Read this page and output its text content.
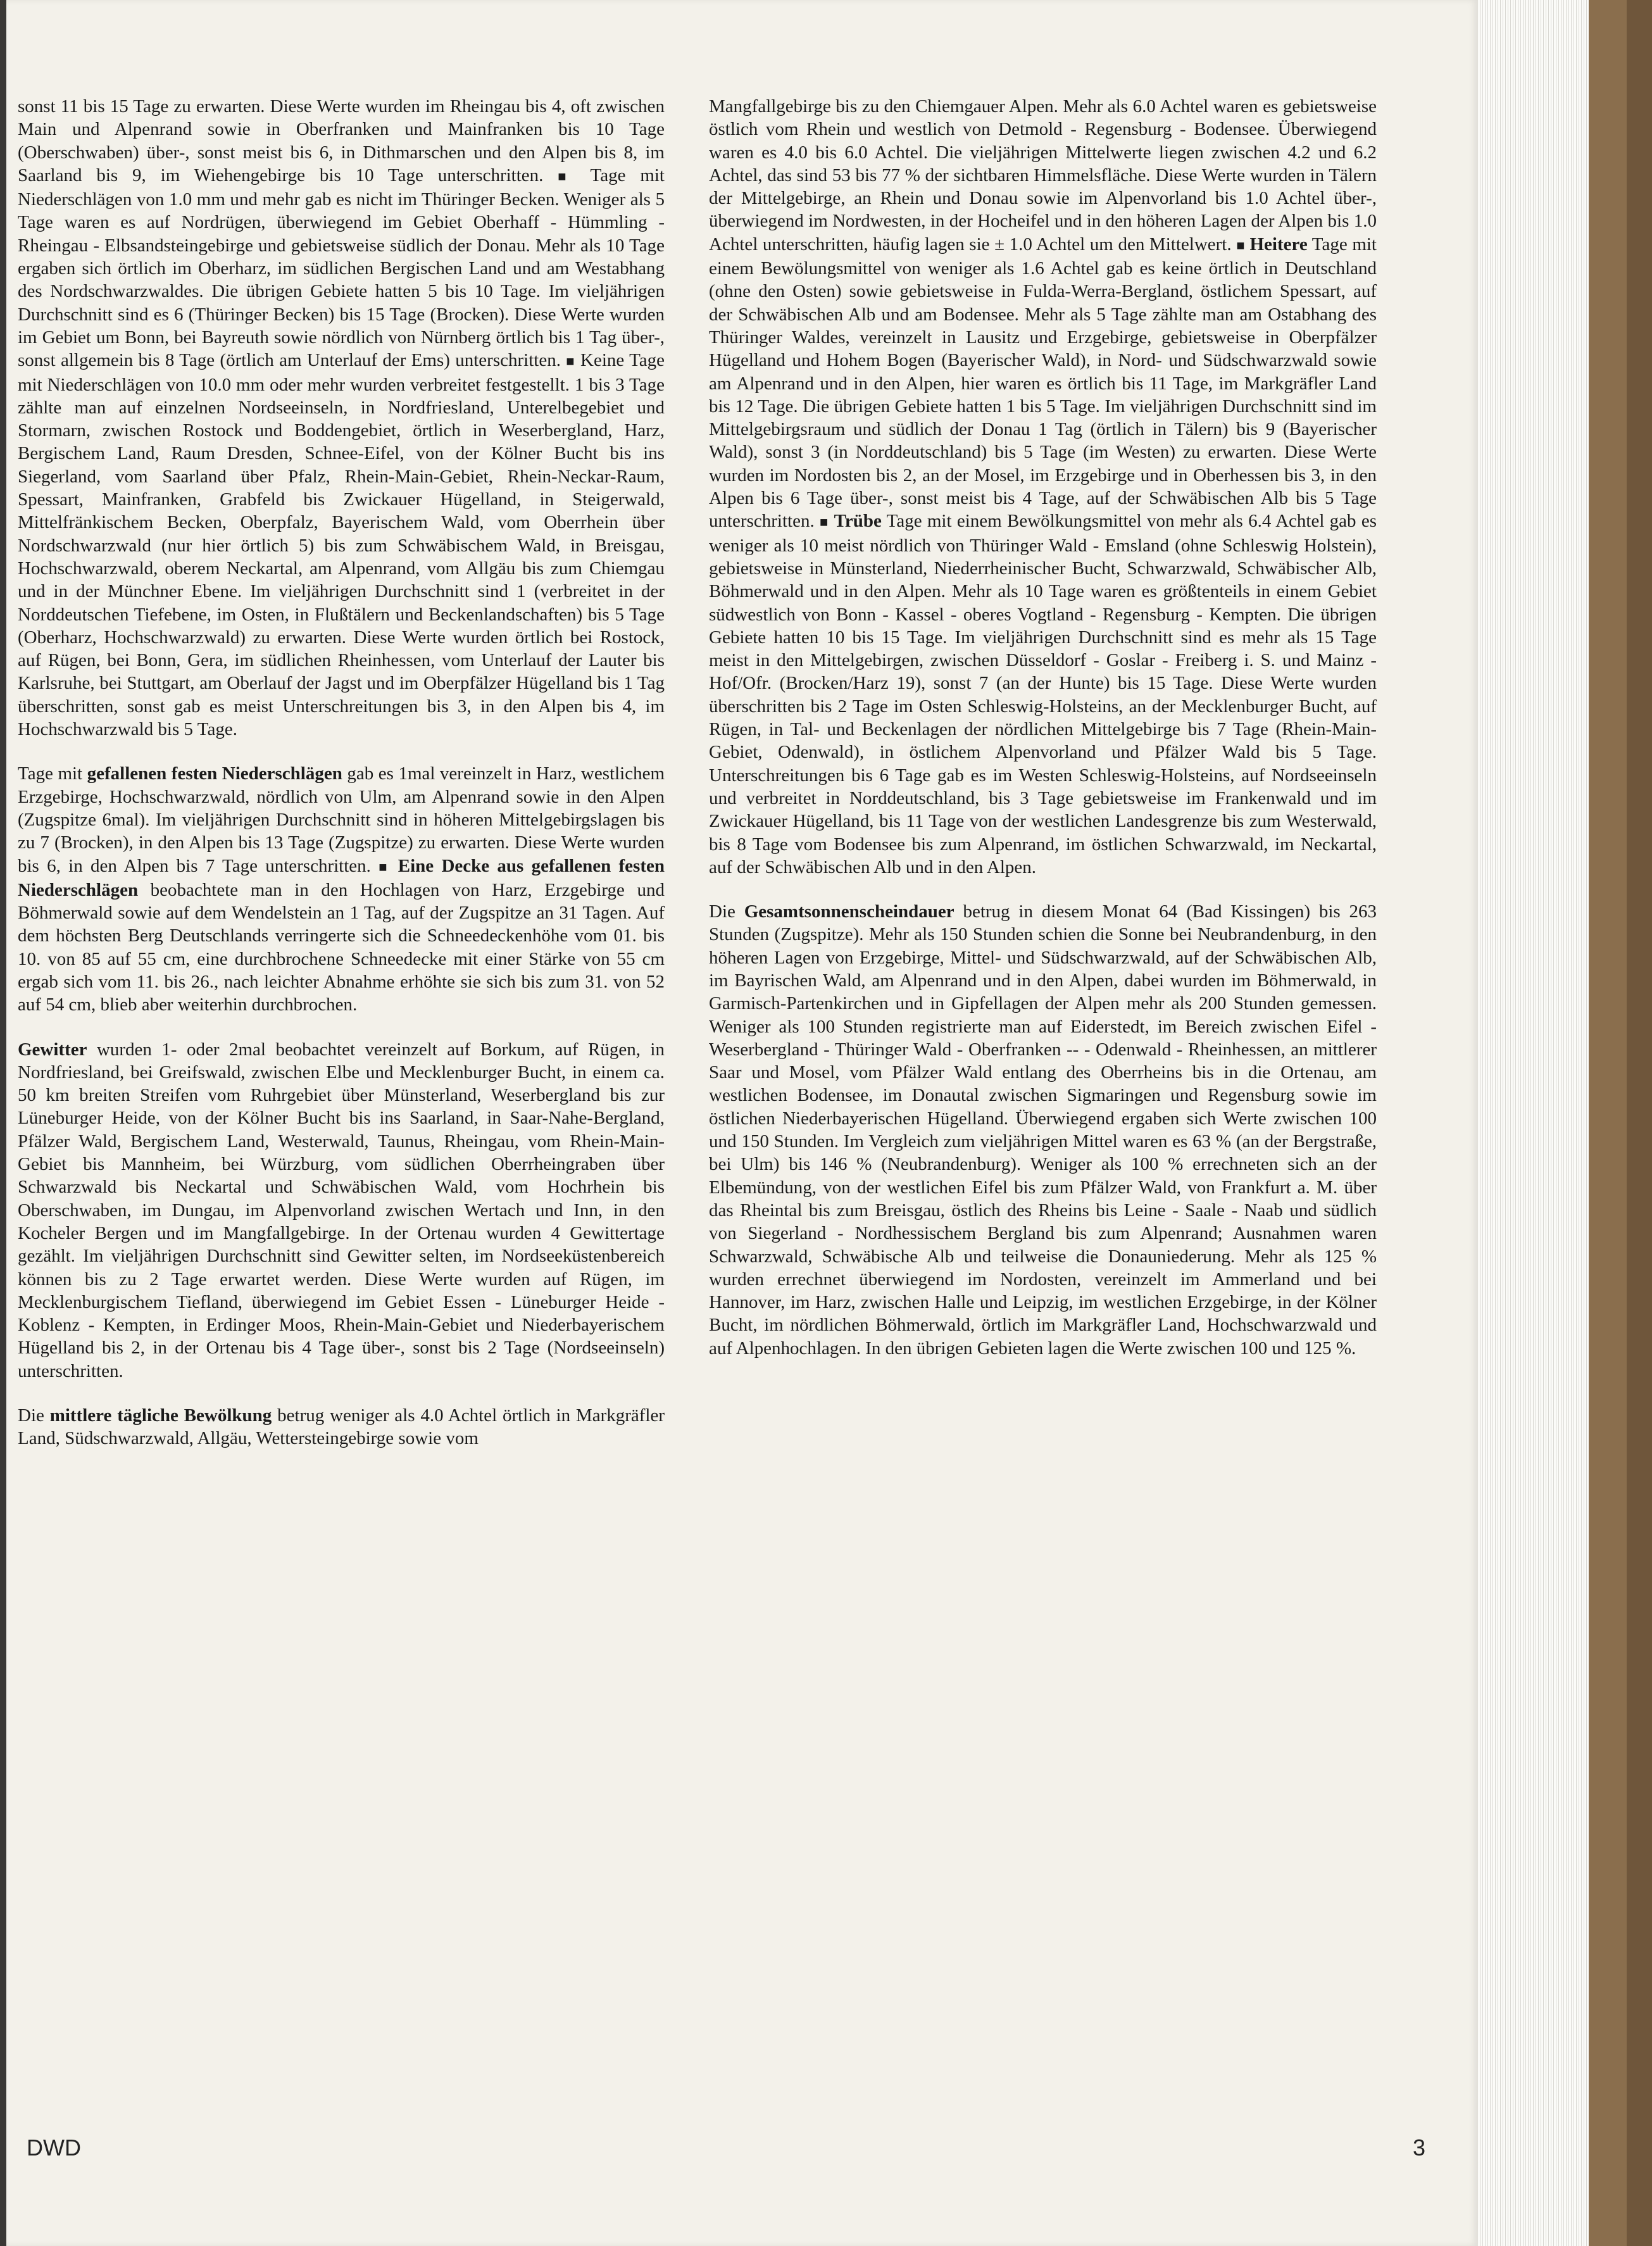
sonst 11 bis 15 Tage zu erwarten. Diese Werte wurden im Rheingau bis 4, oft zwischen Main und Alpenrand sowie in Oberfranken und Mainfranken bis 10 Tage (Oberschwaben) über-, sonst meist bis 6, in Dithmarschen und den Alpen bis 8, im Saarland bis 9, im Wiehengebirge bis 10 Tage unterschritten. ■ Tage mit Niederschlägen von 1.0 mm und mehr gab es nicht im Thüringer Becken. Weniger als 5 Tage waren es auf Nordrügen, überwiegend im Gebiet Oberhaff - Hümmling - Rheingau - Elbsandsteingebirge und gebietsweise südlich der Donau. Mehr als 10 Tage ergaben sich örtlich im Oberharz, im südlichen Bergischen Land und am Westabhang des Nordschwarzwaldes. Die übrigen Gebiete hatten 5 bis 10 Tage. Im vieljährigen Durchschnitt sind es 6 (Thüringer Becken) bis 15 Tage (Brocken). Diese Werte wurden im Gebiet um Bonn, bei Bayreuth sowie nördlich von Nürnberg örtlich bis 1 Tag über-, sonst allgemein bis 8 Tage (örtlich am Unterlauf der Ems) unterschritten. ■ Keine Tage mit Niederschlägen von 10.0 mm oder mehr wurden verbreitet festgestellt. 1 bis 3 Tage zählte man auf einzelnen Nordseeinseln, in Nordfriesland, Unterelbegebiet und Stormarn, zwischen Rostock und Boddengebiet, örtlich in Weserbergland, Harz, Bergischem Land, Raum Dresden, Schnee-Eifel, von der Kölner Bucht bis ins Siegerland, vom Saarland über Pfalz, Rhein-Main-Gebiet, Rhein-Neckar-Raum, Spessart, Mainfranken, Grabfeld bis Zwickauer Hügelland, in Steigerwald, Mittelfränkischem Becken, Oberpfalz, Bayerischem Wald, vom Oberrhein über Nordschwarzwald (nur hier örtlich 5) bis zum Schwäbischem Wald, in Breisgau, Hochschwarzwald, oberem Neckartal, am Alpenrand, vom Allgäu bis zum Chiemgau und in der Münchner Ebene. Im vieljährigen Durchschnitt sind 1 (verbreitet in der Norddeutschen Tiefebene, im Osten, in Flußtälern und Beckenlandschaften) bis 5 Tage (Oberharz, Hochschwarzwald) zu erwarten. Diese Werte wurden örtlich bei Rostock, auf Rügen, bei Bonn, Gera, im südlichen Rheinhessen, vom Unterlauf der Lauter bis Karlsruhe, bei Stuttgart, am Oberlauf der Jagst und im Oberpfälzer Hügelland bis 1 Tag überschritten, sonst gab es meist Unterschreitungen bis 3, in den Alpen bis 4, im Hochschwarzwald bis 5 Tage.

Tage mit gefallenen festen Niederschlägen gab es 1mal vereinzelt in Harz, westlichem Erzgebirge, Hochschwarzwald, nördlich von Ulm, am Alpenrand sowie in den Alpen (Zugspitze 6mal). Im vieljährigen Durchschnitt sind in höheren Mittelgebirgslagen bis zu 7 (Brocken), in den Alpen bis 13 Tage (Zugspitze) zu erwarten. Diese Werte wurden bis 6, in den Alpen bis 7 Tage unterschritten. ■ Eine Decke aus gefallenen festen Niederschlägen beobachtete man in den Hochlagen von Harz, Erzgebirge und Böhmerwald sowie auf dem Wendelstein an 1 Tag, auf der Zugspitze an 31 Tagen. Auf dem höchsten Berg Deutschlands verringerte sich die Schneedeckenhöhe vom 01. bis 10. von 85 auf 55 cm, eine durchbrochene Schneedecke mit einer Stärke von 55 cm ergab sich vom 11. bis 26., nach leichter Abnahme erhöhte sie sich bis zum 31. von 52 auf 54 cm, blieb aber weiterhin durchbrochen.

Gewitter wurden 1- oder 2mal beobachtet vereinzelt auf Borkum, auf Rügen, in Nordfriesland, bei Greifswald, zwischen Elbe und Mecklenburger Bucht, in einem ca. 50 km breiten Streifen vom Ruhrgebiet über Münsterland, Weserbergland bis zur Lüneburger Heide, von der Kölner Bucht bis ins Saarland, in Saar-Nahe-Bergland, Pfälzer Wald, Bergischem Land, Westerwald, Taunus, Rheingau, vom Rhein-Main-Gebiet bis Mannheim, bei Würzburg, vom südlichen Oberrheingraben über Schwarzwald bis Neckartal und Schwäbischen Wald, vom Hochrhein bis Oberschwaben, im Dungau, im Alpenvorland zwischen Wertach und Inn, in den Kocheler Bergen und im Mangfallgebirge. In der Ortenau wurden 4 Gewittertage gezählt. Im vieljährigen Durchschnitt sind Gewitter selten, im Nordseeküstenbereich können bis zu 2 Tage erwartet werden. Diese Werte wurden auf Rügen, im Mecklenburgischem Tiefland, überwiegend im Gebiet Essen - Lüneburger Heide - Koblenz - Kempten, in Erdinger Moos, Rhein-Main-Gebiet und Niederbayerischem Hügelland bis 2, in der Ortenau bis 4 Tage über-, sonst bis 2 Tage (Nordseeinseln) unterschritten.

Die mittlere tägliche Bewölkung betrug weniger als 4.0 Achtel örtlich in Markgräfler Land, Südschwarzwald, Allgäu, Wettersteingebirge sowie vom

Mangfallgebirge bis zu den Chiemgauer Alpen. Mehr als 6.0 Achtel waren es gebietsweise östlich vom Rhein und westlich von Detmold - Regensburg - Bodensee. Überwiegend waren es 4.0 bis 6.0 Achtel. Die vieljährigen Mittelwerte liegen zwischen 4.2 und 6.2 Achtel, das sind 53 bis 77 % der sichtbaren Himmelsfläche. Diese Werte wurden in Tälern der Mittelgebirge, an Rhein und Donau sowie im Alpenvorland bis 1.0 Achtel über-, überwiegend im Nordwesten, in der Hocheifel und in den höheren Lagen der Alpen bis 1.0 Achtel unterschritten, häufig lagen sie ± 1.0 Achtel um den Mittelwert. ■ Heitere Tage mit einem Bewölungsmittel von weniger als 1.6 Achtel gab es keine örtlich in Deutschland (ohne den Osten) sowie gebietsweise in Fulda-Werra-Bergland, östlichem Spessart, auf der Schwäbischen Alb und am Bodensee. Mehr als 5 Tage zählte man am Ostabhang des Thüringer Waldes, vereinzelt in Lausitz und Erzgebirge, gebietsweise in Oberpfälzer Hügelland und Hohem Bogen (Bayerischer Wald), in Nord- und Südschwarzwald sowie am Alpenrand und in den Alpen, hier waren es örtlich bis 11 Tage, im Markgräfler Land bis 12 Tage. Die übrigen Gebiete hatten 1 bis 5 Tage. Im vieljährigen Durchschnitt sind im Mittelgebirgsraum und südlich der Donau 1 Tag (örtlich in Tälern) bis 9 (Bayerischer Wald), sonst 3 (in Norddeutschland) bis 5 Tage (im Westen) zu erwarten. Diese Werte wurden im Nordosten bis 2, an der Mosel, im Erzgebirge und in Oberhessen bis 3, in den Alpen bis 6 Tage über-, sonst meist bis 4 Tage, auf der Schwäbischen Alb bis 5 Tage unterschritten. ■ Trübe Tage mit einem Bewölkungsmittel von mehr als 6.4 Achtel gab es weniger als 10 meist nördlich von Thüringer Wald - Emsland (ohne Schleswig Holstein), gebietsweise in Münsterland, Niederrheinischer Bucht, Schwarzwald, Schwäbischer Alb, Böhmerwald und in den Alpen. Mehr als 10 Tage waren es größtenteils in einem Gebiet südwestlich von Bonn - Kassel - oberes Vogtland - Regensburg - Kempten. Die übrigen Gebiete hatten 10 bis 15 Tage. Im vieljährigen Durchschnitt sind es mehr als 15 Tage meist in den Mittelgebirgen, zwischen Düsseldorf - Goslar - Freiberg i. S. und Mainz - Hof/Ofr. (Brocken/Harz 19), sonst 7 (an der Hunte) bis 15 Tage. Diese Werte wurden überschritten bis 2 Tage im Osten Schleswig-Holsteins, an der Mecklenburger Bucht, auf Rügen, in Tal- und Beckenlagen der nördlichen Mittelgebirge bis 7 Tage (Rhein-Main-Gebiet, Odenwald), in östlichem Alpenvorland und Pfälzer Wald bis 5 Tage. Unterschreitungen bis 6 Tage gab es im Westen Schleswig-Holsteins, auf Nordseeinseln und verbreitet in Norddeutschland, bis 3 Tage gebietsweise im Frankenwald und im Zwickauer Hügelland, bis 11 Tage von der westlichen Landesgrenze bis zum Westerwald, bis 8 Tage vom Bodensee bis zum Alpenrand, im östlichen Schwarzwald, im Neckartal, auf der Schwäbischen Alb und in den Alpen.

Die Gesamtsonnenscheindauer betrug in diesem Monat 64 (Bad Kissingen) bis 263 Stunden (Zugspitze). Mehr als 150 Stunden schien die Sonne bei Neubrandenburg, in den höheren Lagen von Erzgebirge, Mittel- und Südschwarzwald, auf der Schwäbischen Alb, im Bayrischen Wald, am Alpenrand und in den Alpen, dabei wurden im Böhmerwald, in Garmisch-Partenkirchen und in Gipfellagen der Alpen mehr als 200 Stunden gemessen. Weniger als 100 Stunden registrierte man auf Eiderstedt, im Bereich zwischen Eifel - Weserbergland - Thüringer Wald - Oberfranken -- - Odenwald - Rheinhessen, an mittlerer Saar und Mosel, vom Pfälzer Wald entlang des Oberrheins bis in die Ortenau, am westlichen Bodensee, im Donautal zwischen Sigmaringen und Regensburg sowie im östlichen Niederbayerischen Hügelland. Überwiegend ergaben sich Werte zwischen 100 und 150 Stunden. Im Vergleich zum vieljährigen Mittel waren es 63 % (an der Bergstraße, bei Ulm) bis 146 % (Neubrandenburg). Weniger als 100 % errechneten sich an der Elbemündung, von der westlichen Eifel bis zum Pfälzer Wald, von Frankfurt a. M. über das Rheintal bis zum Breisgau, östlich des Rheins bis Leine - Saale - Naab und südlich von Siegerland - Nordhessischem Bergland bis zum Alpenrand; Ausnahmen waren Schwarzwald, Schwäbische Alb und teilweise die Donauniederung. Mehr als 125 % wurden errechnet überwiegend im Nordosten, vereinzelt im Ammerland und bei Hannover, im Harz, zwischen Halle und Leipzig, im westlichen Erzgebirge, in der Kölner Bucht, im nördlichen Böhmerwald, örtlich im Markgräfler Land, Hochschwarzwald und auf Alpenhochlagen. In den übrigen Gebieten lagen die Werte zwischen 100 und 125 %.

DWD	3
